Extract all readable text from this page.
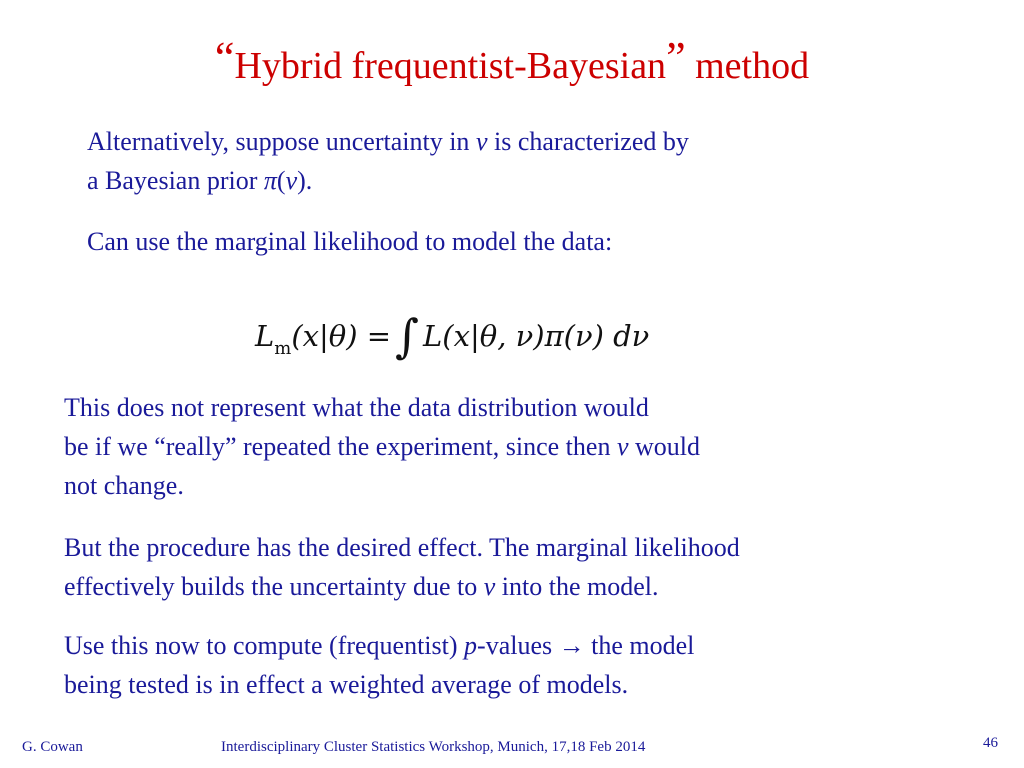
“Hybrid frequentist-Bayesian” method
Alternatively, suppose uncertainty in ν is characterized by
a Bayesian prior π(ν).
Can use the marginal likelihood to model the data:
$L_m(x|\theta)$ =∫ L(x|θ, ν)π(ν) dν
This does not represent what the data distribution would
be if we “really” repeated the experiment, since then ν would
not change.
But the procedure has the desired effect. The marginal likelihood
effectively builds the uncertainty due to ν into the model.
Use this now to compute (frequentist) p-values → the model
being tested is in effect a weighted average of models.
G. Cowan	Interdisciplinary Cluster Statistics Workshop, Munich, 17,18 Feb 2014	46
